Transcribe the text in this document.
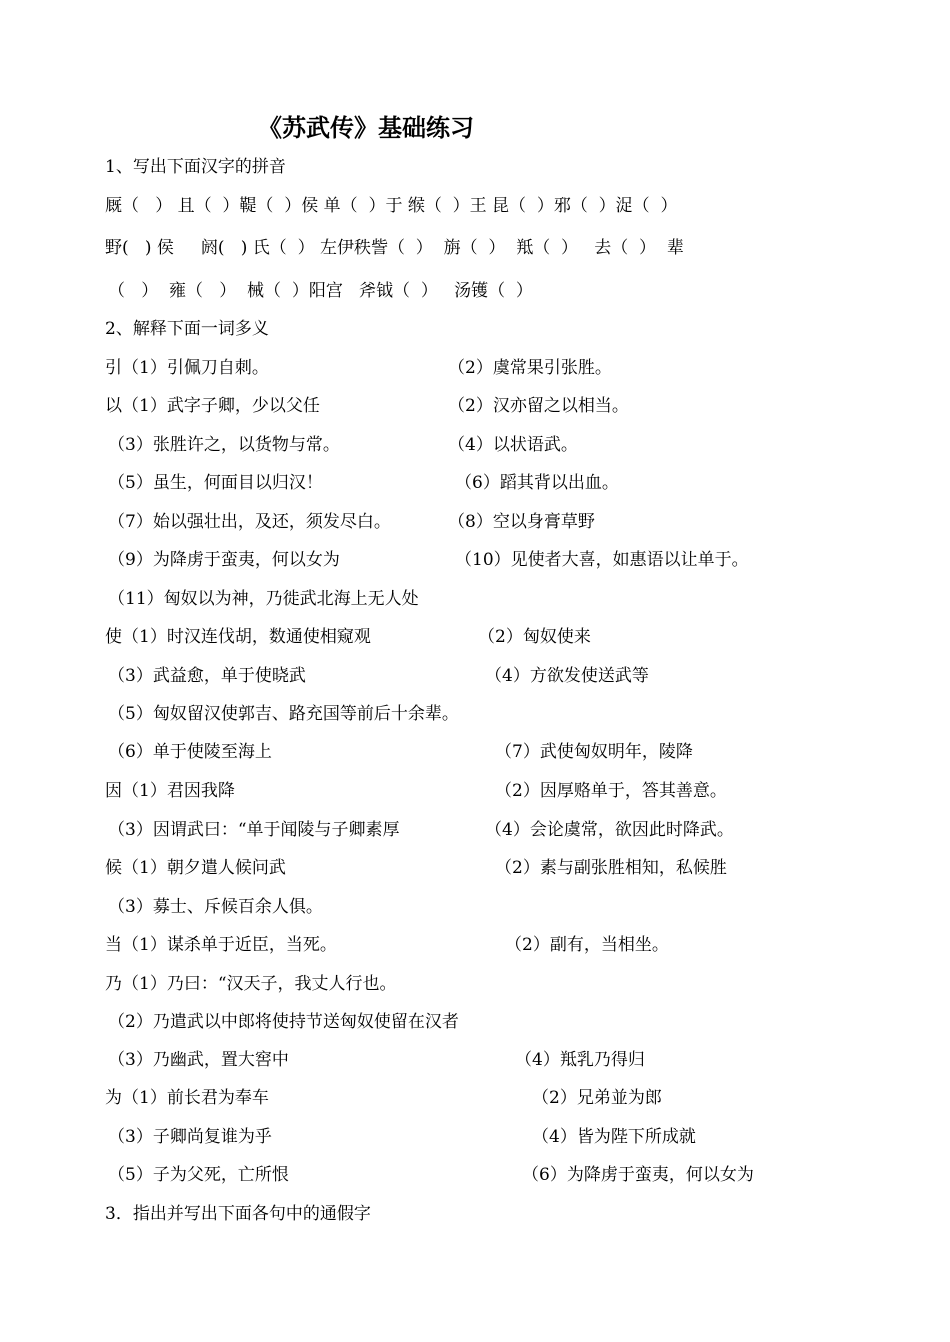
《苏武传》基础练习
1、写出下面汉字的拼音
厩（   ） 且（  ）鞮（  ）侯 单（  ）于 缑（  ）王 昆（  ）邪（  ）浞（  ）
野(   ) 侯     阏(   ) 氏（  ） 左伊秩訾（  ）  旃（  ）  羝（  ）   去（  ）  辈
（   ）  雍（   ）  械（  ）阳宫   斧钺（  ）   汤镬（  ）
2、解释下面一词多义
引（1）引佩刀自刺。	（2）虞常果引张胜。
以（1）武字子卿，少以父任	（2）汉亦留之以相当。
（3）张胜许之，以货物与常。	（4）以状语武。
（5）虽生，何面目以归汉！	（6）蹈其背以出血。
（7）始以强壮出，及还，须发尽白。	（8）空以身膏草野
（9）为降虏于蛮夷，何以女为	（10）见使者大喜，如惠语以让单于。
（11）匈奴以为神，乃徙武北海上无人处
使（1）时汉连伐胡，数通使相窥观	（2）匈奴使来
（3）武益愈，单于使晓武	（4）方欲发使送武等
（5）匈奴留汉使郭吉、路充国等前后十余辈。
（6）单于使陵至海上	（7）武使匈奴明年，陵降
因（1）君因我降	（2）因厚赂单于，答其善意。
（3）因谓武曰：“单于闻陵与子卿素厚	（4）会论虞常，欲因此时降武。
候（1）朝夕遣人候问武	（2）素与副张胜相知，私候胜
（3）募士、斥候百余人俱。
当（1）谋杀单于近臣，当死。	（2）副有，当相坐。
乃（1）乃曰：“汉天子，我丈人行也。
（2）乃遣武以中郎将使持节送匈奴使留在汉者
（3）乃幽武，置大窖中	（4）羝乳乃得归
为（1）前长君为奉车	（2）兄弟並为郎
（3）子卿尚复谁为乎	（4）皆为陛下所成就
（5）子为父死，亡所恨	（6）为降虏于蛮夷，何以女为
3．指出并写出下面各句中的通假字
